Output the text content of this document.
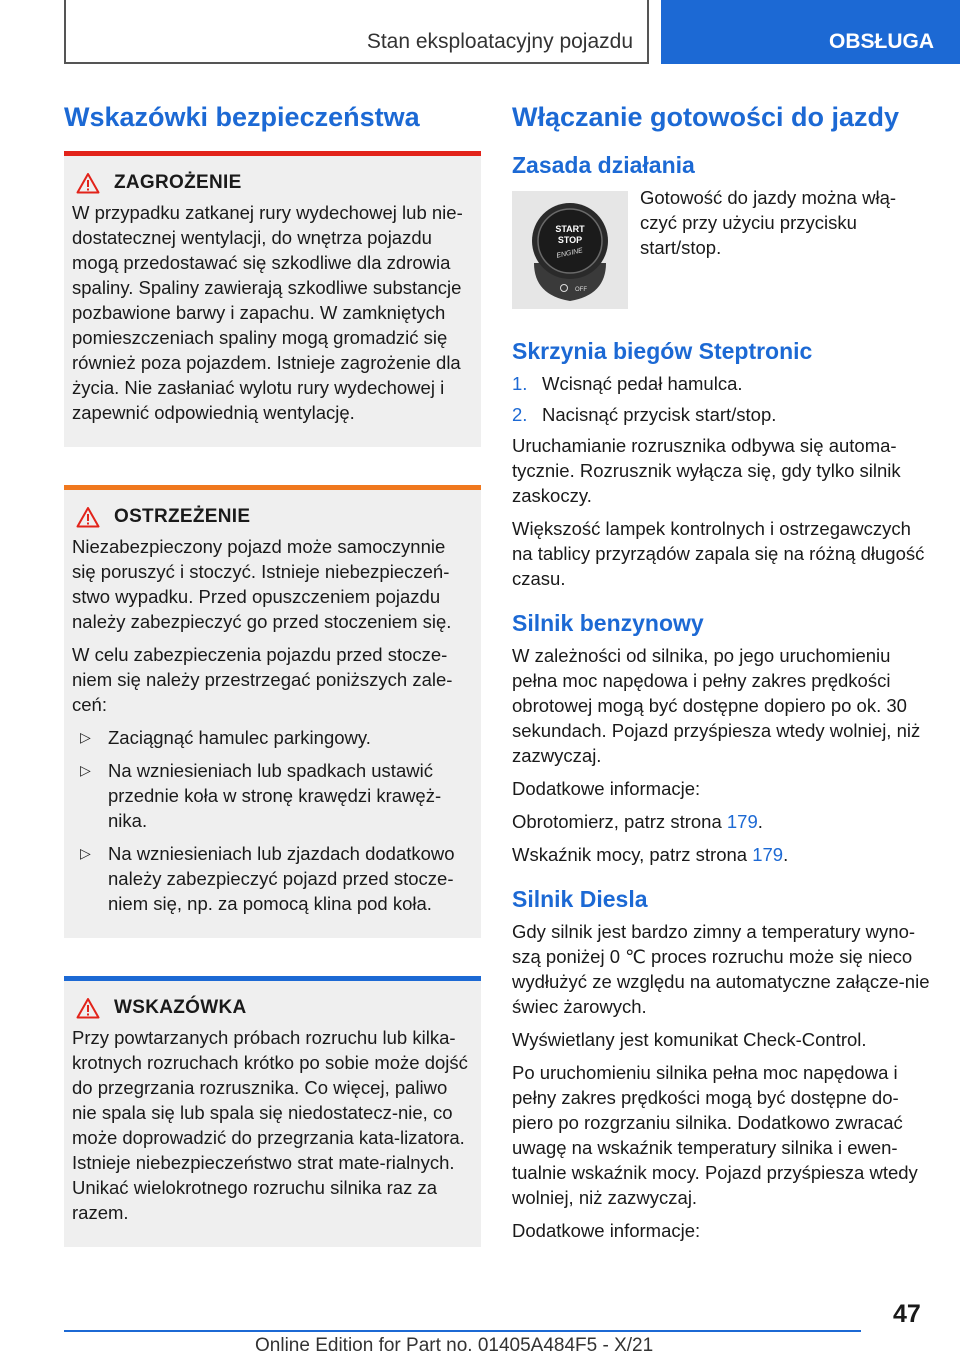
Stan eksploatacyjny pojazdu	OBSŁUGA
Wskazówki bezpieczeństwa
ZAGROŻENIE

W przypadku zatkanej rury wydechowej lub nie-dostatecznej wentylacji, do wnętrza pojazdu mogą przedostawać się szkodliwe dla zdrowia spaliny. Spaliny zawierają szkodliwe substancje pozbawione barwy i zapachu. W zamkniętych pomieszczeniach spaliny mogą gromadzić się również poza pojazdem. Istnieje zagrożenie dla życia. Nie zasłaniać wylotu rury wydechowej i zapewnić odpowiednią wentylację.

OSTRZEŻENIE

Niezabezpieczony pojazd może samoczynnie się poruszyć i stoczyć. Istnieje niebezpieczeń-stwo wypadku. Przed opuszczeniem pojazdu należy zabezpieczyć go przed stoczeniem się.

W celu zabezpieczenia pojazdu przed stocze-niem się należy przestrzegać poniższych zale-ceń:

▷ Zaciągnąć hamulec parkingowy.
▷ Na wzniesieniach lub spadkach ustawić przednie koła w stronę krawędzi krawęż-nika.
▷ Na wzniesieniach lub zjazdach dodatkowo należy zabezpieczyć pojazd przed stocze-niem się, np. za pomocą klina pod koła.
WSKAZÓWKA

Przy powtarzanych próbach rozruchu lub kilka-krotnych rozruchach krótko po sobie może dojść do przegrzania rozrusznika. Co więcej, paliwo nie spala się lub spala się niedostatecz-nie, co może doprowadzić do przegrzania kata-lizatora. Istnieje niebezpieczeństwo strat mate-rialnych. Unikać wielokrotnego rozruchu silnika raz za razem.

Włączanie gotowości do jazdy
Zasada działania
START
STOP
ENGINE
OFF

Gotowość do jazdy można włą-czyć przy użyciu przycisku start/stop.

Skrzynia biegów Steptronic
1. Wcisnąć pedał hamulca.
2. Nacisnąć przycisk start/stop.

Uruchamianie rozrusznika odbywa się automa-tycznie. Rozrusznik wyłącza się, gdy tylko silnik zaskoczy.

Większość lampek kontrolnych i ostrzegawczych na tablicy przyrządów zapala się na różną długość czasu.

Silnik benzynowy

W zależności od silnika, po jego uruchomieniu pełna moc napędowa i pełny zakres prędkości obrotowej mogą być dostępne dopiero po ok. 30 sekundach. Pojazd przyśpiesza wtedy wolniej, niż zazwyczaj.

Dodatkowe informacje:

Obrotomierz, patrz strona 179.

Wskaźnik mocy, patrz strona 179.

Silnik Diesla

Gdy silnik jest bardzo zimny a temperatury wyno-szą poniżej 0 ℃ proces rozruchu może się nieco wydłużyć ze względu na automatyczne załącze-nie świec żarowych.

Wyświetlany jest komunikat Check-Control.

Po uruchomieniu silnika pełna moc napędowa i pełny zakres prędkości mogą być dostępne do-piero po rozgrzaniu silnika. Dodatkowo zwracać uwagę na wskaźnik temperatury silnika i ewen-tualnie wskaźnik mocy. Pojazd przyśpiesza wtedy wolniej, niż zazwyczaj.

Dodatkowe informacje:

47
Online Edition for Part no. 01405A484F5 - X/21
